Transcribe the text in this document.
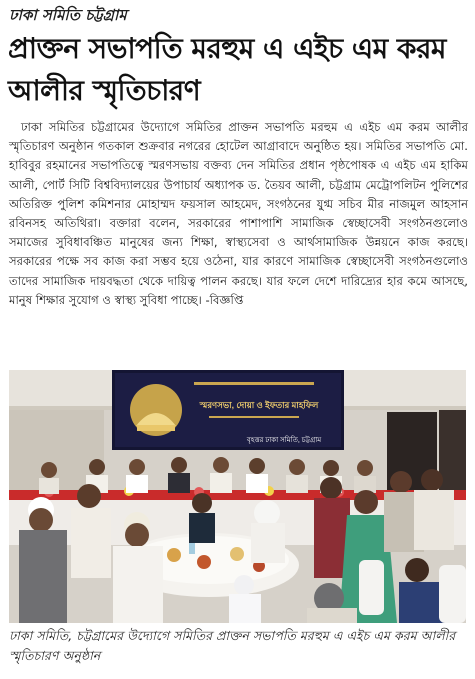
ঢাকা সমিতি চট্টগ্রাম
প্রাক্তন সভাপতি মরহুম এ এইচ এম করম আলীর স্মৃতিচারণ

ঢাকা সমিতির চট্টগ্রামের উদ্যোগে সমিতির প্রাক্তন সভাপতি মরহুম এ এইচ এম করম আলীর স্মৃতিচারণ অনুষ্ঠান গতকাল শুক্রবার নগরের হোটেল আগ্রাবাদে অনুষ্ঠিত হয়। সমিতির সভাপতি মো. হাবিবুর রহমানের সভাপতিত্বে স্মরণসভায় বক্তব্য দেন সমিতির প্রধান পৃষ্ঠপোষক এ এইচ এম হাকিম আলী, পোর্ট সিটি বিশ্ববিদ্যালয়ের উপাচার্য অধ্যাপক ড. তৈয়ব আলী, চট্টগ্রাম মেট্রোপলিটন পুলিশের অতিরিক্ত পুলিশ কমিশনার মোহাম্মদ ফয়সাল আহমেদ, সংগঠনের যুগ্ম সচিব মীর নাজমুল আহসান রবিনসহ অতিথিরা। বক্তারা বলেন, সরকারের পাশাপাশি সামাজিক স্বেচ্ছাসেবী সংগঠনগুলোও সমাজের সুবিধাবঞ্চিত মানুষের জন্য শিক্ষা, স্বাস্থ্যসেবা ও আর্থসামাজিক উন্নয়নে কাজ করছে। সরকারের পক্ষে সব কাজ করা সম্ভব হয়ে ওঠেনা, যার কারণে সামাজিক স্বেচ্ছাসেবী সংগঠনগুলোও তাদের সামাজিক দায়বদ্ধতা থেকে দায়িত্ব পালন করছে। যার ফলে দেশে দারিদ্র্যের হার কমে আসছে, মানুষ শিক্ষার সুযোগ ও স্বাস্থ্য সুবিধা পাচ্ছে। -বিজ্ঞপ্তি

স্মরণসভা, দোয়া ও ইফতার মাহফিল
বৃহত্তর ঢাকা সমিতি, চট্টগ্রাম

ঢাকা সমিতি, চট্টগ্রামের উদ্যোগে সমিতির প্রাক্তন সভাপতি মরহুম এ এইচ এম করম আলীর স্মৃতিচারণ অনুষ্ঠান
